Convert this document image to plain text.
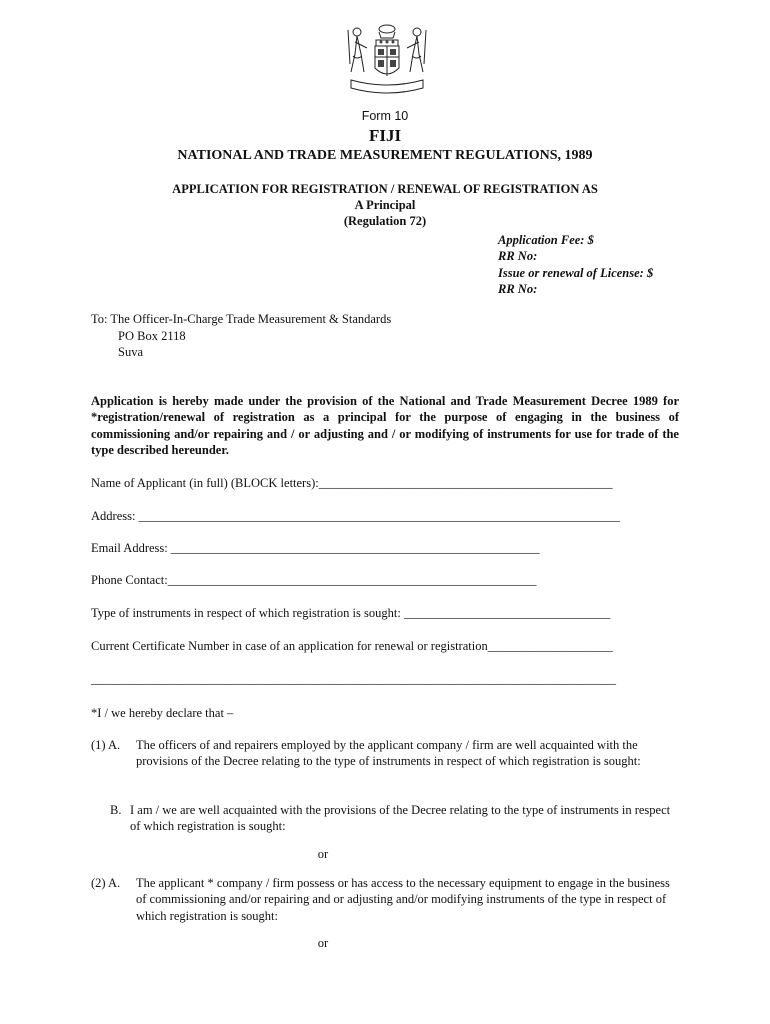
Form 10
FIJI
NATIONAL AND TRADE MEASUREMENT REGULATIONS, 1989
APPLICATION FOR REGISTRATION / RENEWAL OF REGISTRATION AS
A Principal
(Regulation 72)
Application Fee: $
RR No:
Issue or renewal of License: $
RR No:
To: The Officer-In-Charge Trade Measurement & Standards
PO Box 2118
Suva
Application is hereby made under the provision of the National and Trade Measurement Decree 1989 for *registration/renewal of registration as a principal for the purpose of engaging in the business of commissioning and/or repairing and / or adjusting and / or modifying of instruments for use for trade of the type described hereunder.
Name of Applicant (in full) (BLOCK letters):_______________________________________________
Address: _____________________________________________________________________________
Email Address: ___________________________________________________________
Phone Contact:___________________________________________________________
Type of instruments in respect of which registration is sought: _________________________________
Current Certificate Number in case of an application for renewal or registration____________________
____________________________________________________________________________________
*I / we hereby declare that –
(1) A. The officers of and repairers employed by the applicant company / firm are well acquainted with the provisions of the Decree relating to the type of instruments in respect of which registration is sought:
B. I am / we are well acquainted with the provisions of the Decree relating to the type of instruments in respect of which registration is sought:
or
(2) A. The applicant * company / firm possess or has access to the necessary equipment to engage in the business of commissioning and/or repairing and or adjusting and/or modifying instruments of the type in respect of which registration is sought:
or
